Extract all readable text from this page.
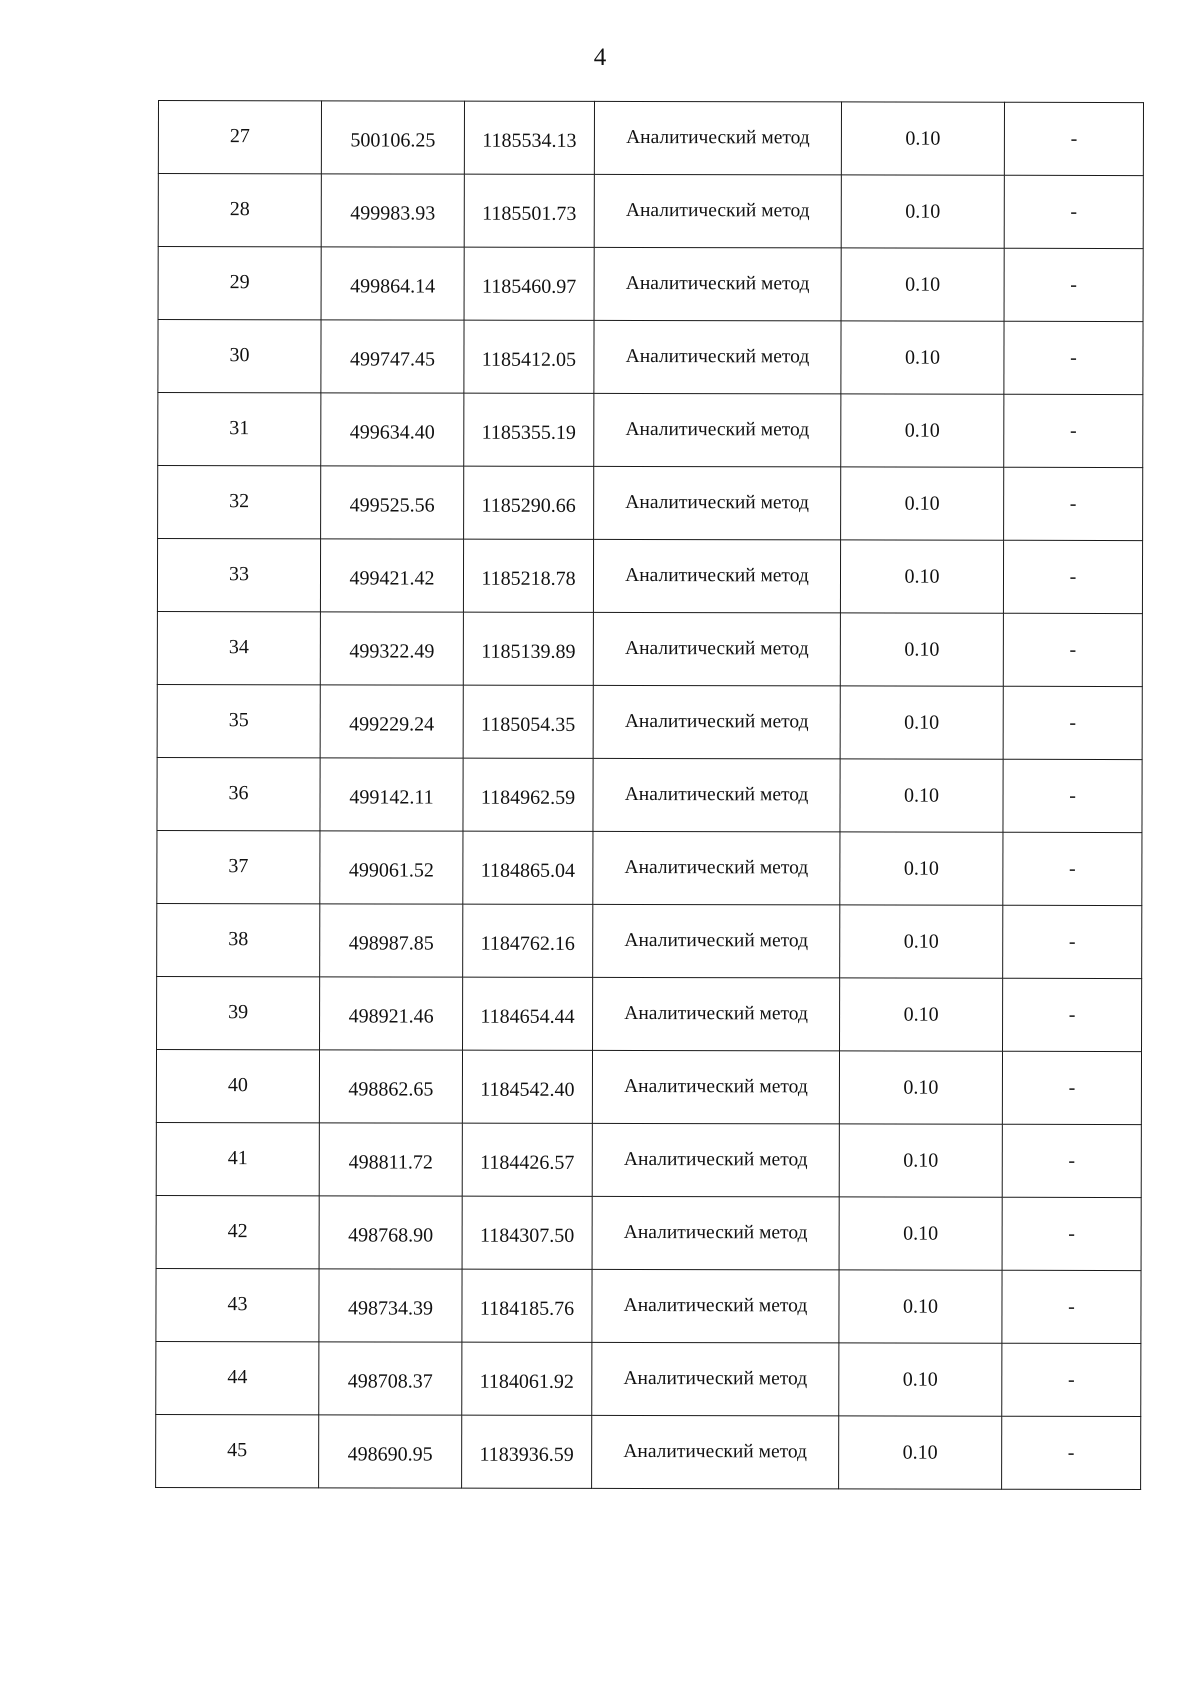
4
27	500106.25	1185534.13	Аналитический метод	0.10	-
28	499983.93	1185501.73	Аналитический метод	0.10	-
29	499864.14	1185460.97	Аналитический метод	0.10	-
30	499747.45	1185412.05	Аналитический метод	0.10	-
31	499634.40	1185355.19	Аналитический метод	0.10	-
32	499525.56	1185290.66	Аналитический метод	0.10	-
33	499421.42	1185218.78	Аналитический метод	0.10	-
34	499322.49	1185139.89	Аналитический метод	0.10	-
35	499229.24	1185054.35	Аналитический метод	0.10	-
36	499142.11	1184962.59	Аналитический метод	0.10	-
37	499061.52	1184865.04	Аналитический метод	0.10	-
38	498987.85	1184762.16	Аналитический метод	0.10	-
39	498921.46	1184654.44	Аналитический метод	0.10	-
40	498862.65	1184542.40	Аналитический метод	0.10	-
41	498811.72	1184426.57	Аналитический метод	0.10	-
42	498768.90	1184307.50	Аналитический метод	0.10	-
43	498734.39	1184185.76	Аналитический метод	0.10	-
44	498708.37	1184061.92	Аналитический метод	0.10	-
45	498690.95	1183936.59	Аналитический метод	0.10	-
